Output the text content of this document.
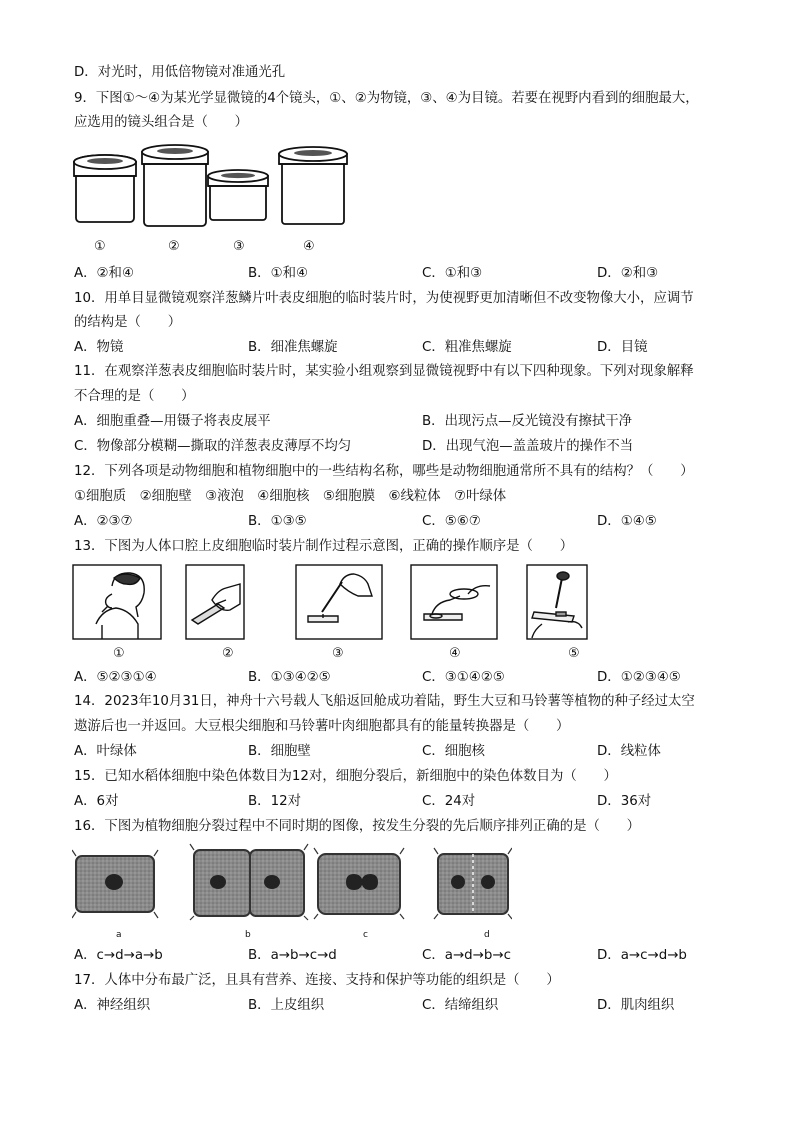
D．对光时，用低倍物镜对准通光孔
9．下图①～④为某光学显微镜的4个镜头，①、②为物镜，③、④为目镜。若要在视野内看到的细胞最大，
应选用的镜头组合是（　　）
①	②	③	④
A．②和④	B．①和④	C．①和③	D．②和③
10．用单目显微镜观察洋葱鳞片叶表皮细胞的临时装片时，为使视野更加清晰但不改变物像大小，应调节
的结构是（　　）
A．物镜	B．细准焦螺旋	C．粗准焦螺旋	D．目镜
11．在观察洋葱表皮细胞临时装片时，某实验小组观察到显微镜视野中有以下四种现象。下列对现象解释
不合理的是（　　）
A．细胞重叠—用镊子将表皮展平	B．出现污点—反光镜没有擦拭干净
C．物像部分模糊—撕取的洋葱表皮薄厚不均匀	D．出现气泡—盖盖玻片的操作不当
12．下列各项是动物细胞和植物细胞中的一些结构名称，哪些是动物细胞通常所不具有的结构？（　　）
①细胞质　②细胞壁　③液泡　④细胞核　⑤细胞膜　⑥线粒体　⑦叶绿体
A．②③⑦	B．①③⑤	C．⑤⑥⑦	D．①④⑤
13．下图为人体口腔上皮细胞临时装片制作过程示意图，正确的操作顺序是（　　）
①	②	③	④	⑤
A．⑤②③①④	B．①③④②⑤	C．③①④②⑤	D．①②③④⑤
14．2023年10月31日，神舟十六号载人飞船返回舱成功着陆，野生大豆和马铃薯等植物的种子经过太空
遨游后也一并返回。大豆根尖细胞和马铃薯叶肉细胞都具有的能量转换器是（　　）
A．叶绿体	B．细胞壁	C．细胞核	D．线粒体
15．已知水稻体细胞中染色体数目为12对，细胞分裂后，新细胞中的染色体数目为（　　）
A．6对	B．12对	C．24对	D．36对
16．下图为植物细胞分裂过程中不同时期的图像，按发生分裂的先后顺序排列正确的是（　　）
a	b	c	d
A．c→d→a→b	B．a→b→c→d	C．a→d→b→c	D．a→c→d→b
17．人体中分布最广泛，且具有营养、连接、支持和保护等功能的组织是（　　）
A．神经组织	B．上皮组织	C．结缔组织	D．肌肉组织
